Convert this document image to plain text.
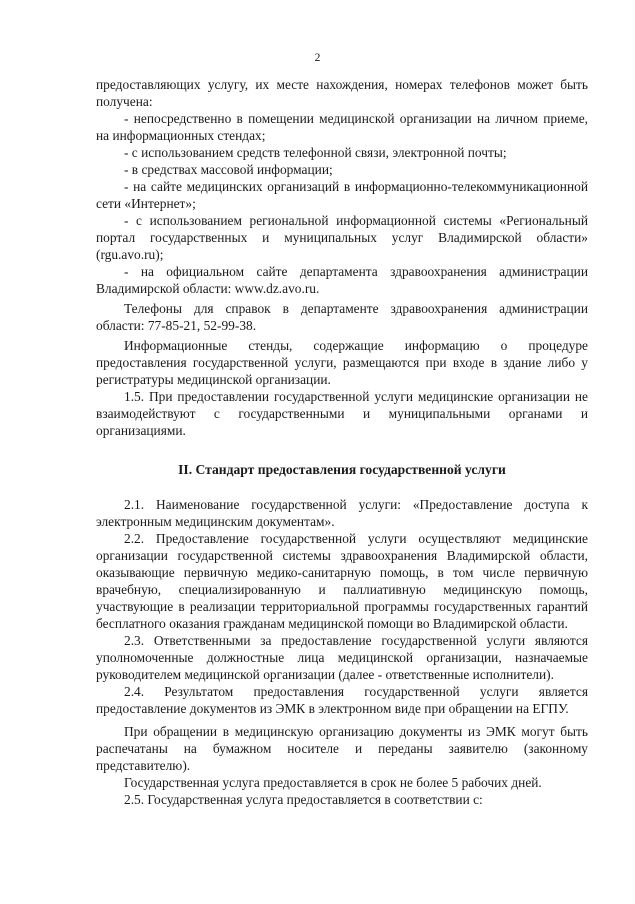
2

предоставляющих услугу, их месте нахождения, номерах телефонов может быть получена:

- непосредственно в помещении медицинской организации на личном приеме, на информационных стендах;

- с использованием средств телефонной связи, электронной почты;

- в средствах массовой информации;

- на сайте медицинских организаций в информационно-телекоммуникационной сети «Интернет»;

- с использованием региональной информационной системы «Региональный портал государственных и муниципальных услуг Владимирской области» (rgu.avo.ru);

- на официальном сайте департамента здравоохранения администрации Владимирской области: www.dz.avo.ru.

Телефоны для справок в департаменте здравоохранения администрации области: 77-85-21, 52-99-38.

Информационные стенды, содержащие информацию о процедуре предоставления государственной услуги, размещаются при входе в здание либо у регистратуры медицинской организации.

1.5. При предоставлении государственной услуги медицинские организации не взаимодействуют с государственными и муниципальными органами и организациями.

II. Стандарт предоставления государственной услуги

2.1. Наименование государственной услуги: «Предоставление доступа к электронным медицинским документам».

2.2. Предоставление государственной услуги осуществляют медицинские организации государственной системы здравоохранения Владимирской области, оказывающие первичную медико-санитарную помощь, в том числе первичную врачебную, специализированную и паллиативную медицинскую помощь, участвующие в реализации территориальной программы государственных гарантий бесплатного оказания гражданам медицинской помощи во Владимирской области.

2.3. Ответственными за предоставление государственной услуги являются уполномоченные должностные лица медицинской организации, назначаемые руководителем медицинской организации (далее - ответственные исполнители).

2.4. Результатом предоставления государственной услуги является предоставление документов из ЭМК в электронном виде при обращении на ЕГПУ.

При обращении в медицинскую организацию документы из ЭМК могут быть распечатаны на бумажном носителе и переданы заявителю (законному представителю).

Государственная услуга предоставляется в срок не более 5 рабочих дней.

2.5. Государственная услуга предоставляется в соответствии с:
